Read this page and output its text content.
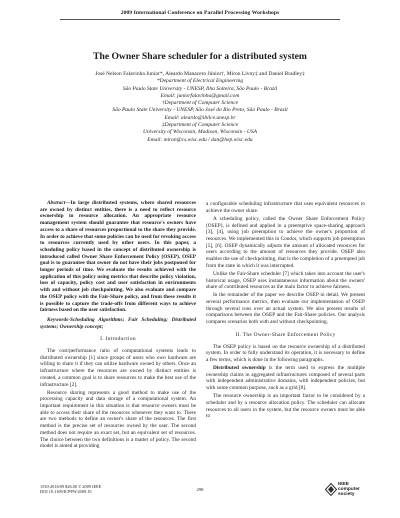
2009 International Conference on Parallel Processing Workshops
The Owner Share scheduler for a distributed system
José Nelson Falavinha Junior*, Aleardo Manacero Júnior†, Miron Livny‡ and Daniel Bradley‡
*Department of Electrical Engineering
São Paulo State University - UNESP, Ilha Solteira, São Paulo - Brazil
Email: juniorfalavinha@gmail.com
†Department of Computer Science
São Paulo State University - UNESP, São José do Rio Preto, São Paulo - Brazil
Email: aleardo@ibilce.unesp.br
‡Department of Computer Science
University of Wisconsin, Madison, Wisconsin - USA
Email: miron@cs.wisc.edu / dan@hep.wisc.edu

Abstract—In large distributed systems, where shared resources are owned by distinct entities, there is a need to reflect resource ownership in resource allocation. An appropriate resource management system should guarantee that resource's owners have access to a share of resources proportional to the share they provide. In order to achieve that some policies can be used for revoking access to resources currently used by other users. In this paper, a scheduling policy based in the concept of distributed ownership is introduced called Owner Share Enforcement Policy (OSEP). OSEP goal is to guarantee that owner do not have their jobs postponed for longer periods of time. We evaluate the results achieved with the application of this policy using metrics that describe policy violation, loss of capacity, policy cost and user satisfaction in environments with and without job checkpointing. We also evaluate and compare the OSEP policy with the Fair-Share policy, and from these results it is possible to capture the trade-offs from different ways to achieve fairness based on the user satisfaction.

Keywords-Scheduling Algorithms; Fair Scheduling; Distributed systems; Ownership concept;

I. Introduction

The cost/performance ratio of computational systems leads to distributed ownership [1] since groups of users who own hardware are willing to share it if they can utilize hardware owned by others. Once an infrastructure where the resources are owned by distinct entities is created, a common goal is to share resources to make the best use of the infrastructure [2].

Resource sharing represents a good method to make use of the processing capacity and data storage of a computational system. An important requirement in this situation is that resource owners must be able to access their share of the resources whenever they want to. There are two methods to define an owner's share of the resources. The first method is the precise set of resources owned by the user. The second method does not require an exact set, but an equivalent set of resources. The choice between the two definitions is a matter of policy. The second model is aimed at providing

a configurable scheduling infrastructure that uses equivalent resources to achieve the owner share.

A scheduling policy, called the Owner Share Enforcement Policy (OSEP), is defined and applied in a preemptive space-sharing approach [3], [4], using job preemption to achieve the owner's proportion of resources. We implemented this in Condor, which supports job preemption [5], [6]. OSEP dynamically adjusts the amount of allocated resources for users according to the amount of resources they provide. OSEP also enables the use of checkpointing, that is the completion of a preempted job from the state in which it was interrupted.

Unlike the Fair-Share scheduler [7] which takes into account the user's historical usage, OSEP uses instantaneous information about the owners' share of contributed resources as the main factor to achieve fairness.

In the remainder of the paper we describe OSEP in detail. We present several performance metrics, then evaluate our implementation of OSEP through several runs over an actual system. We also present results of comparisons between the OSEP and the Fair-Share policies. Our analysis compares scenarios both with and without checkpointing.

II. The Owner-Share Enforcement Policy

The OSEP policy is based on the resource ownership of a distributed system. In order to fully understand its operation, it is necessary to define a few terms, which is done in the following paragraphs.

Distributed ownership is the term used to express the multiple ownership claims in aggregated infrastructures composed of several parts with independent administrative domains, with independent policies, but with some common purpose, such as a grid [8].

The resource ownership is an important factor to be considered by a scheduler and by a resource allocation policy. The scheduler can allocate resources to all users in the system, but the resource owners must be able to

1530-2016/09 $26.00 © 2009 IEEE
DOI 10.1109/ICPPW.2009.19	298
IEEE
computer
society
